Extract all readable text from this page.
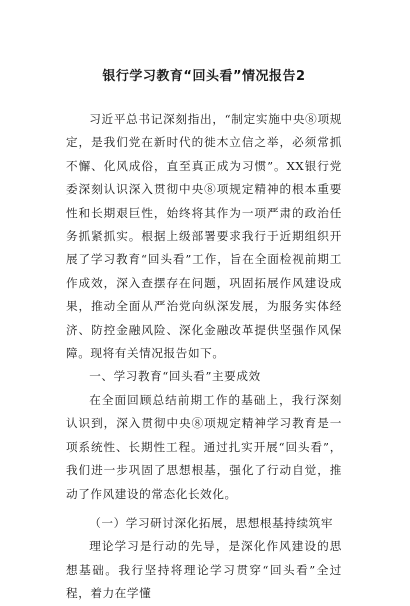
银行学习教育“回头看”情况报告2

习近平总书记深刻指出，“制定实施中央⑧项规定，是我们党在新时代的徙木立信之举，必须常抓不懈、化风成俗，直至真正成为习惯”。XX银行党委深刻认识深入贯彻中央⑧项规定精神的根本重要性和长期艰巨性，始终将其作为一项严肃的政治任务抓紧抓实。根据上级部署要求我行于近期组织开展了学习教育“回头看”工作，旨在全面检视前期工作成效，深入查摆存在问题，巩固拓展作风建设成果，推动全面从严治党向纵深发展，为服务实体经济、防控金融风险、深化金融改革提供坚强作风保障。现将有关情况报告如下。

一、学习教育“回头看”主要成效

在全面回顾总结前期工作的基础上，我行深刻认识到，深入贯彻中央⑧项规定精神学习教育是一项系统性、长期性工程。通过扎实开展“回头看”，我们进一步巩固了思想根基，强化了行动自觉，推动了作风建设的常态化长效化。

（一）学习研讨深化拓展，思想根基持续筑牢

理论学习是行动的先导，是深化作风建设的思想基础。我行坚持将理论学习贯穿“回头看”全过程，着力在学懂
